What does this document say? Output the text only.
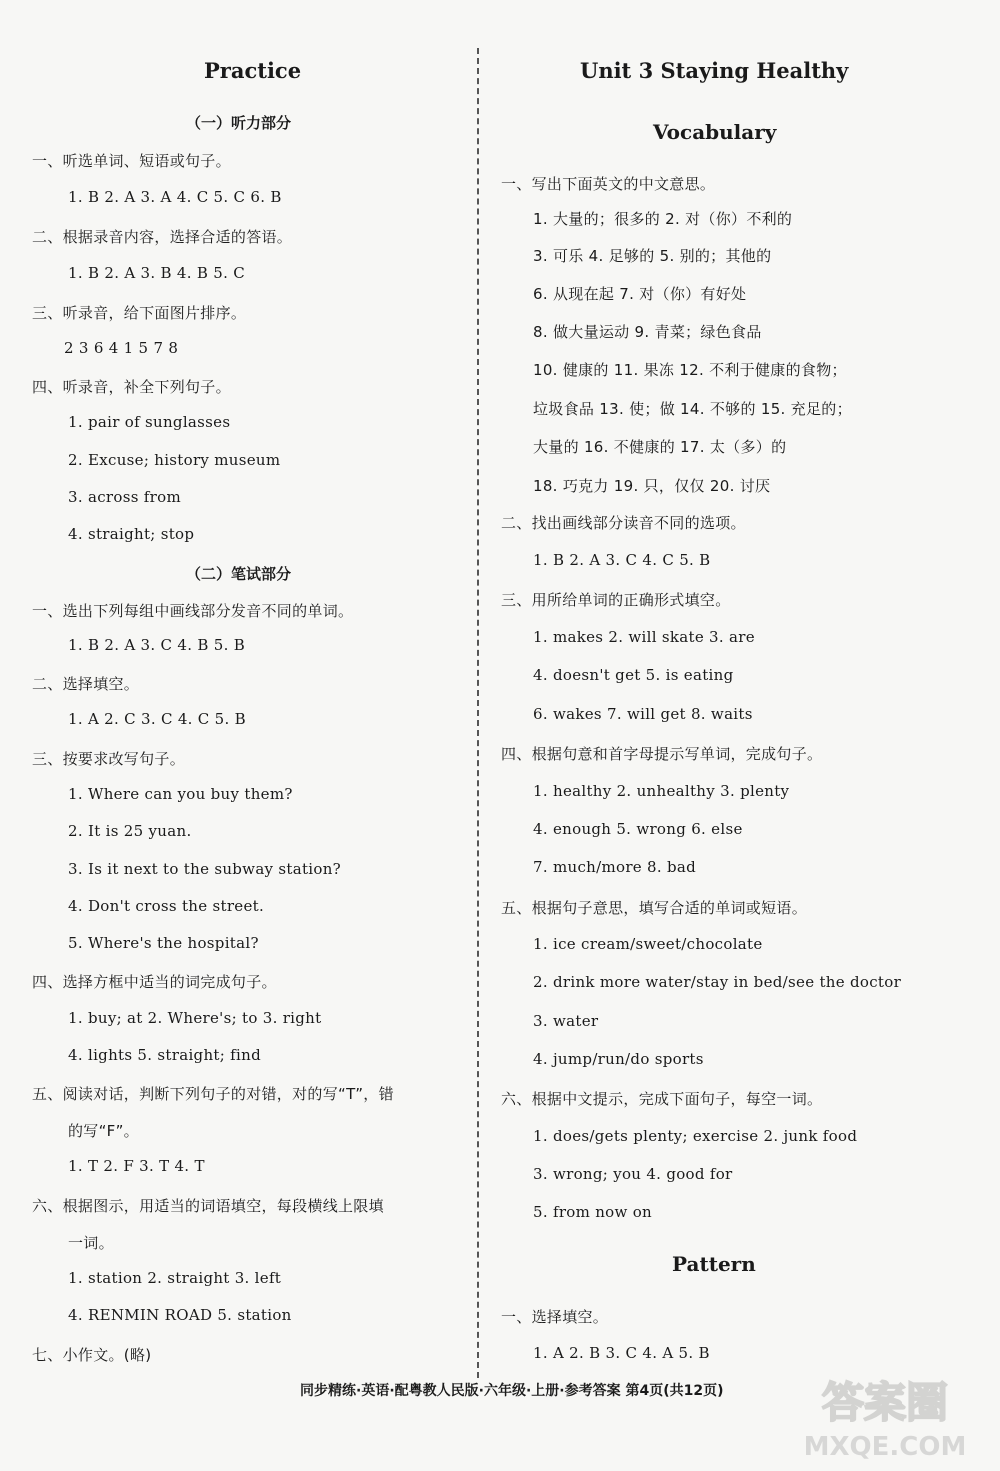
Practice
（一）听力部分
一、听选单词、短语或句子。
1. B 2. A 3. A 4. C 5. C 6. B
二、根据录音内容，选择合适的答语。
1. B 2. A 3. B 4. B 5. C
三、听录音，给下面图片排序。
2 3 6 4 1 5 7 8
四、听录音，补全下列句子。
1. pair of sunglasses
2. Excuse; history museum
3. across from
4. straight; stop
（二）笔试部分
一、选出下列每组中画线部分发音不同的单词。
1. B 2. A 3. C 4. B 5. B
二、选择填空。
1. A 2. C 3. C 4. C 5. B
三、按要求改写句子。
1. Where can you buy them?
2. It is 25 yuan.
3. Is it next to the subway station?
4. Don't cross the street.
5. Where's the hospital?
四、选择方框中适当的词完成句子。
1. buy; at 2. Where's; to 3. right
4. lights 5. straight; find
五、阅读对话，判断下列句子的对错，对的写“T”，错
的写“F”。
1. T 2. F 3. T 4. T
六、根据图示，用适当的词语填空，每段横线上限填
一词。
1. station 2. straight 3. left
4. RENMIN ROAD 5. station
七、小作文。(略)
Unit 3 Staying Healthy
Vocabulary
一、写出下面英文的中文意思。
1. 大量的；很多的 2. 对（你）不利的
3. 可乐 4. 足够的 5. 别的；其他的
6. 从现在起 7. 对（你）有好处
8. 做大量运动 9. 青菜；绿色食品
10. 健康的 11. 果冻 12. 不利于健康的食物；
垃圾食品 13. 使；做 14. 不够的 15. 充足的；
大量的 16. 不健康的 17. 太（多）的
18. 巧克力 19. 只，仅仅 20. 讨厌
二、找出画线部分读音不同的选项。
1. B 2. A 3. C 4. C 5. B
三、用所给单词的正确形式填空。
1. makes 2. will skate 3. are
4. doesn't get 5. is eating
6. wakes 7. will get 8. waits
四、根据句意和首字母提示写单词，完成句子。
1. healthy 2. unhealthy 3. plenty
4. enough 5. wrong 6. else
7. much/more 8. bad
五、根据句子意思，填写合适的单词或短语。
1. ice cream/sweet/chocolate
2. drink more water/stay in bed/see the doctor
3. water
4. jump/run/do sports
六、根据中文提示，完成下面句子，每空一词。
1. does/gets plenty; exercise 2. junk food
3. wrong; you 4. good for
5. from now on
Pattern
一、选择填空。
1. A 2. B 3. C 4. A 5. B
同步精练·英语·配粤教人民版·六年级·上册·参考答案 第4页(共12页) 答案圈
MXQE.COM
